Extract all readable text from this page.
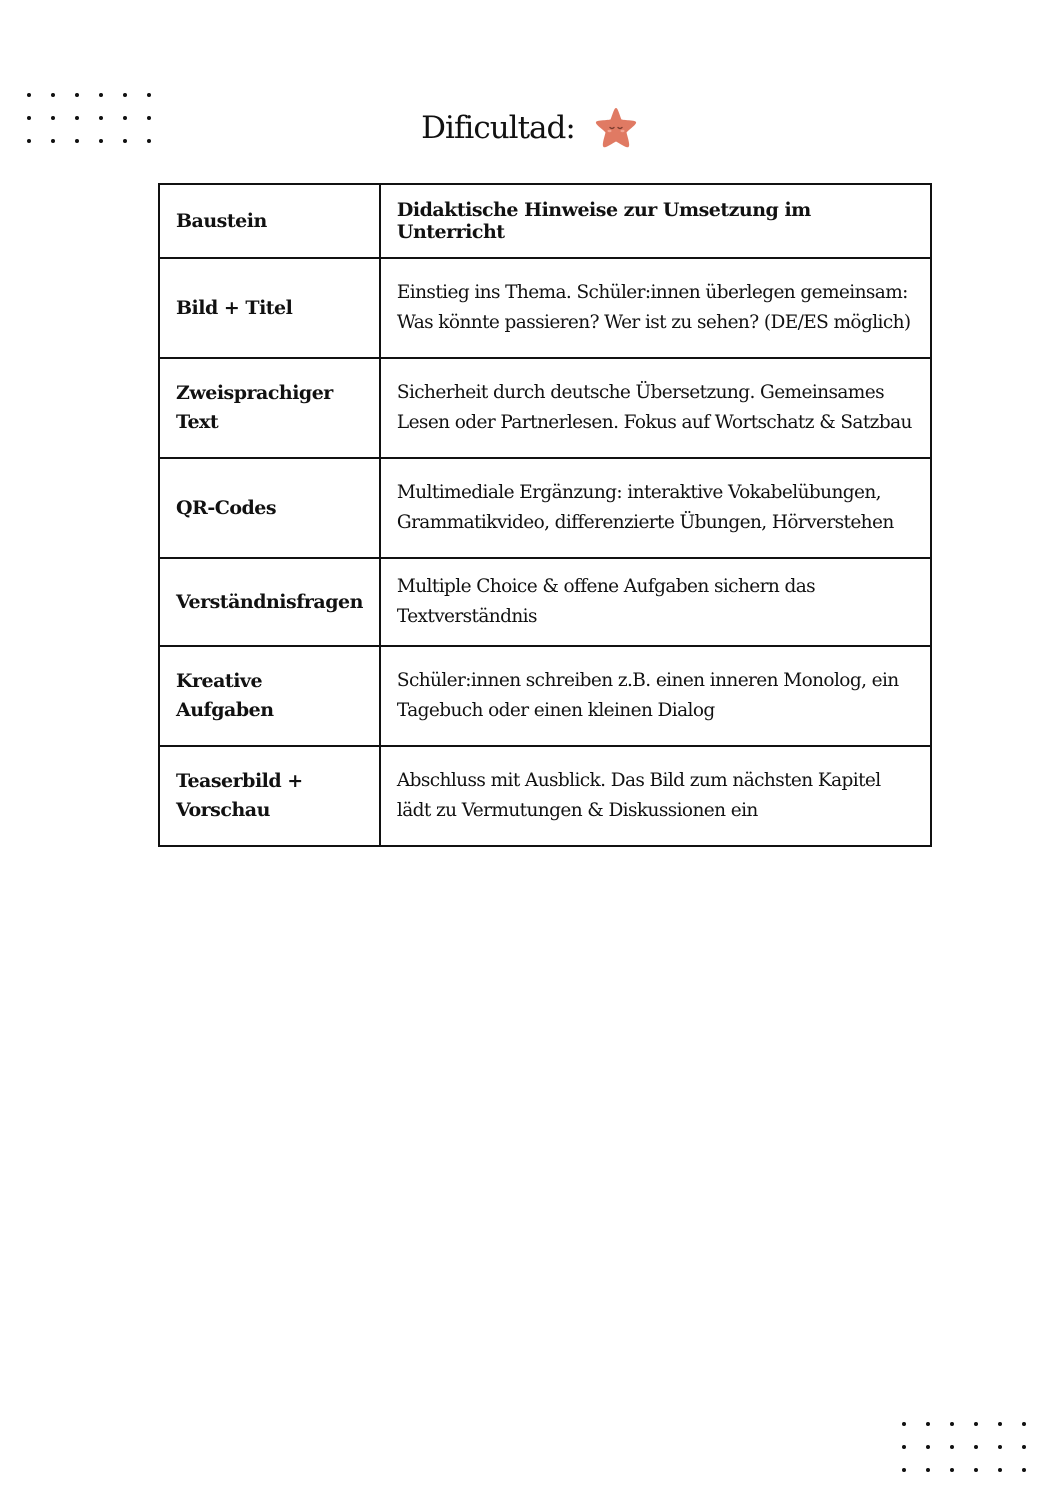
Dificultad:
Baustein	Didaktische Hinweise zur Umsetzung im Unterricht
Bild + Titel	Einstieg ins Thema. Schüler:innen überlegen gemeinsam: Was könnte passieren? Wer ist zu sehen? (DE/ES möglich)
Zweisprachiger Text	Sicherheit durch deutsche Übersetzung. Gemeinsames Lesen oder Partnerlesen. Fokus auf Wortschatz & Satzbau
QR-Codes	Multimediale Ergänzung: interaktive Vokabelübungen, Grammatikvideo, differenzierte Übungen, Hörverstehen
Verständnisfragen	Multiple Choice & offene Aufgaben sichern das Textverständnis
Kreative Aufgaben	Schüler:innen schreiben z.B. einen inneren Monolog, ein Tagebuch oder einen kleinen Dialog
Teaserbild + Vorschau	Abschluss mit Ausblick. Das Bild zum nächsten Kapitel lädt zu Vermutungen & Diskussionen ein
